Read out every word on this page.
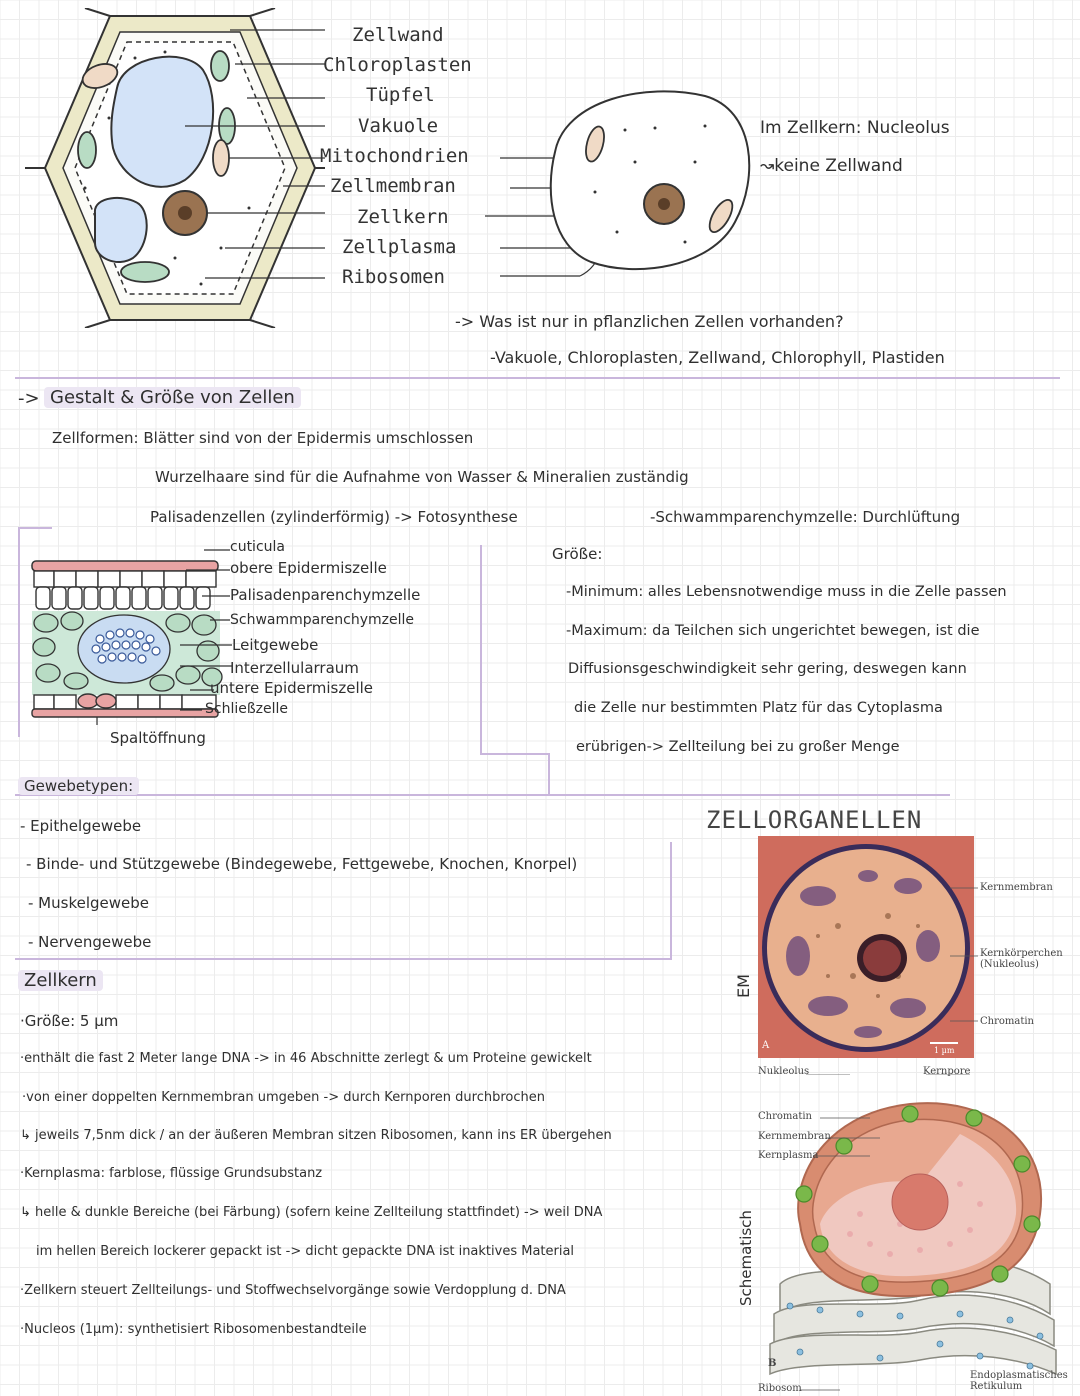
Zellwand
Chloroplasten
Tüpfel
Vakuole
Mitochondrien
Zellmembran
Zellkern
Zellplasma
Ribosomen
Im Zellkern: Nucleolus
↝keine Zellwand
-> Was ist nur in pflanzlichen Zellen vorhanden?
-Vakuole, Chloroplasten, Zellwand, Chlorophyll, Plastiden
-> Gestalt & Größe von Zellen
Zellformen: Blätter sind von der Epidermis umschlossen
Wurzelhaare sind für die Aufnahme von Wasser & Mineralien zuständig
Palisadenzellen (zylinderförmig) -> Fotosynthese	-Schwammparenchymzelle: Durchlüftung
cuticula
obere Epidermiszelle
Palisadenparenchymzelle
Schwammparenchymzelle
Leitgewebe
Interzellularraum
untere Epidermiszelle
Schließzelle
Spaltöffnung
Größe:
-Minimum: alles Lebensnotwendige muss in die Zelle passen
-Maximum: da Teilchen sich ungerichtet bewegen, ist die
Diffusionsgeschwindigkeit sehr gering, deswegen kann
die Zelle nur bestimmten Platz für das Cytoplasma
erübrigen-> Zellteilung bei zu großer Menge
Gewebetypen:
- Epithelgewebe
- Binde- und Stützgewebe (Bindegewebe, Fettgewebe, Knochen, Knorpel)
- Muskelgewebe
- Nervengewebe
Zellkern
·Größe: 5 µm
·enthält die fast 2 Meter lange DNA -> in 46 Abschnitte zerlegt & um Proteine gewickelt
·von einer doppelten Kernmembran umgeben -> durch Kernporen durchbrochen
↳ jeweils 7,5nm dick / an der äußeren Membran sitzen Ribosomen, kann ins ER übergehen
·Kernplasma: farblose, flüssige Grundsubstanz
↳ helle & dunkle Bereiche (bei Färbung) (sofern keine Zellteilung stattfindet) -> weil DNA
im hellen Bereich lockerer gepackt ist -> dicht gepackte DNA ist inaktives Material
·Zellkern steuert Zellteilungs- und Stoffwechselvorgänge sowie Verdopplung d. DNA
·Nucleos (1µm): synthetisiert Ribosomenbestandteile
ZELLORGANELLEN
EM
A	1 µm
Kernmembran
Kernkörperchen (Nukleolus)
Chromatin
Schematisch
Nukleolus	Kernpore
Chromatin
Kernmembran
Kernplasma
B
Ribosom
Endoplasmatisches Retikulum
